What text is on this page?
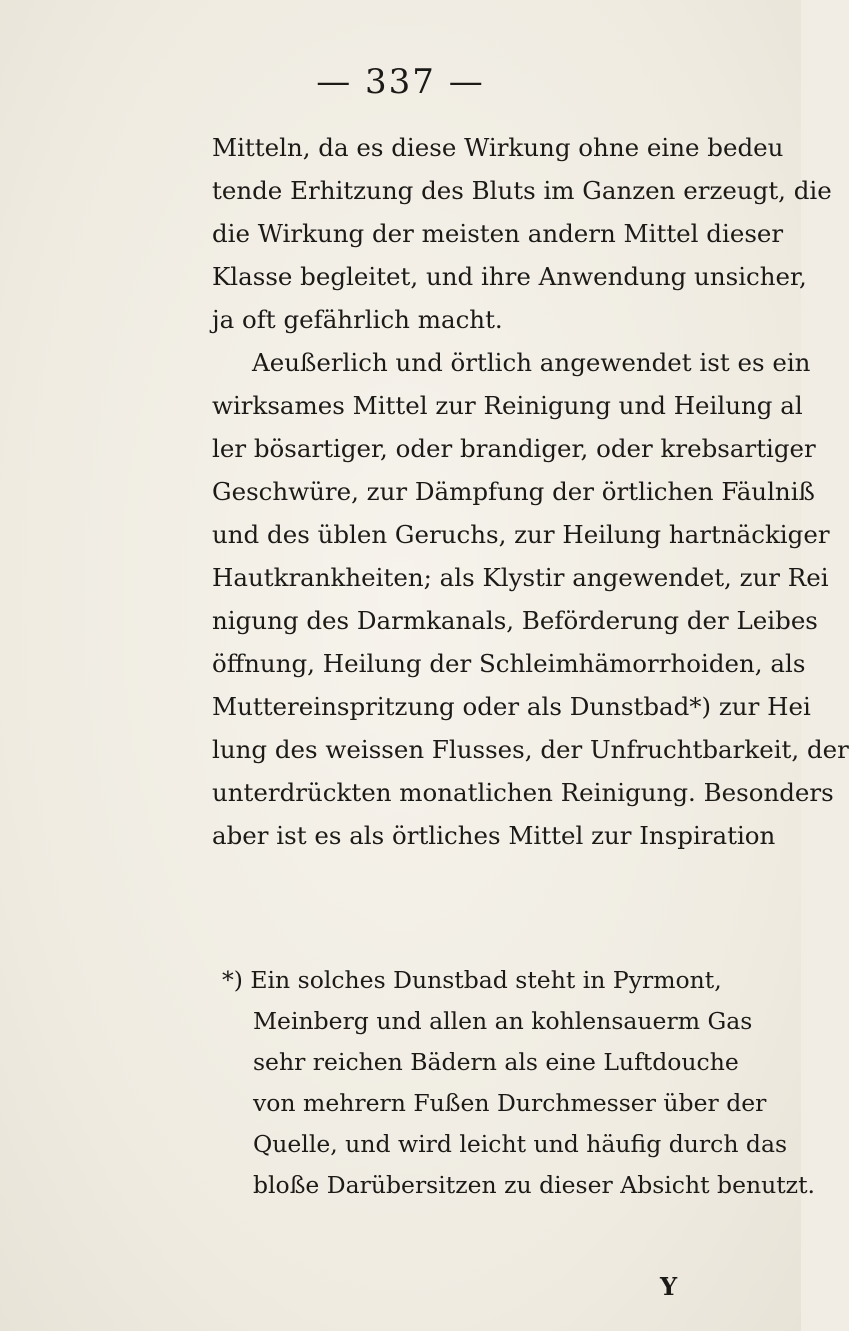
— 337 —
Mitteln, da es diese Wirkung ohne eine bedeu
tende Erhitzung des Bluts im Ganzen erzeugt, die
die Wirkung der meisten andern Mittel dieser
Klasse begleitet, und ihre Anwendung unsicher,
ja oft gefährlich macht.
Aeußerlich und örtlich angewendet ist es ein
wirksames Mittel zur Reinigung und Heilung al
ler bösartiger, oder brandiger, oder krebsartiger
Geschwüre, zur Dämpfung der örtlichen Fäulniß
und des üblen Geruchs, zur Heilung hartnäckiger
Hautkrankheiten; als Klystir angewendet, zur Rei
nigung des Darmkanals, Beförderung der Leibes
öffnung, Heilung der Schleimhämorrhoiden, als
Muttereinspritzung oder als Dunstbad*) zur Hei
lung des weissen Flusses, der Unfruchtbarkeit, der
unterdrückten monatlichen Reinigung. Besonders
aber ist es als örtliches Mittel zur Inspiration
*) Ein solches Dunstbad steht in Pyrmont,
Meinberg und allen an kohlensauerm Gas
sehr reichen Bädern als eine Luftdouche
von mehrern Fußen Durchmesser über der
Quelle, und wird leicht und häufig durch das
bloße Darübersitzen zu dieser Absicht benutzt.
Y
